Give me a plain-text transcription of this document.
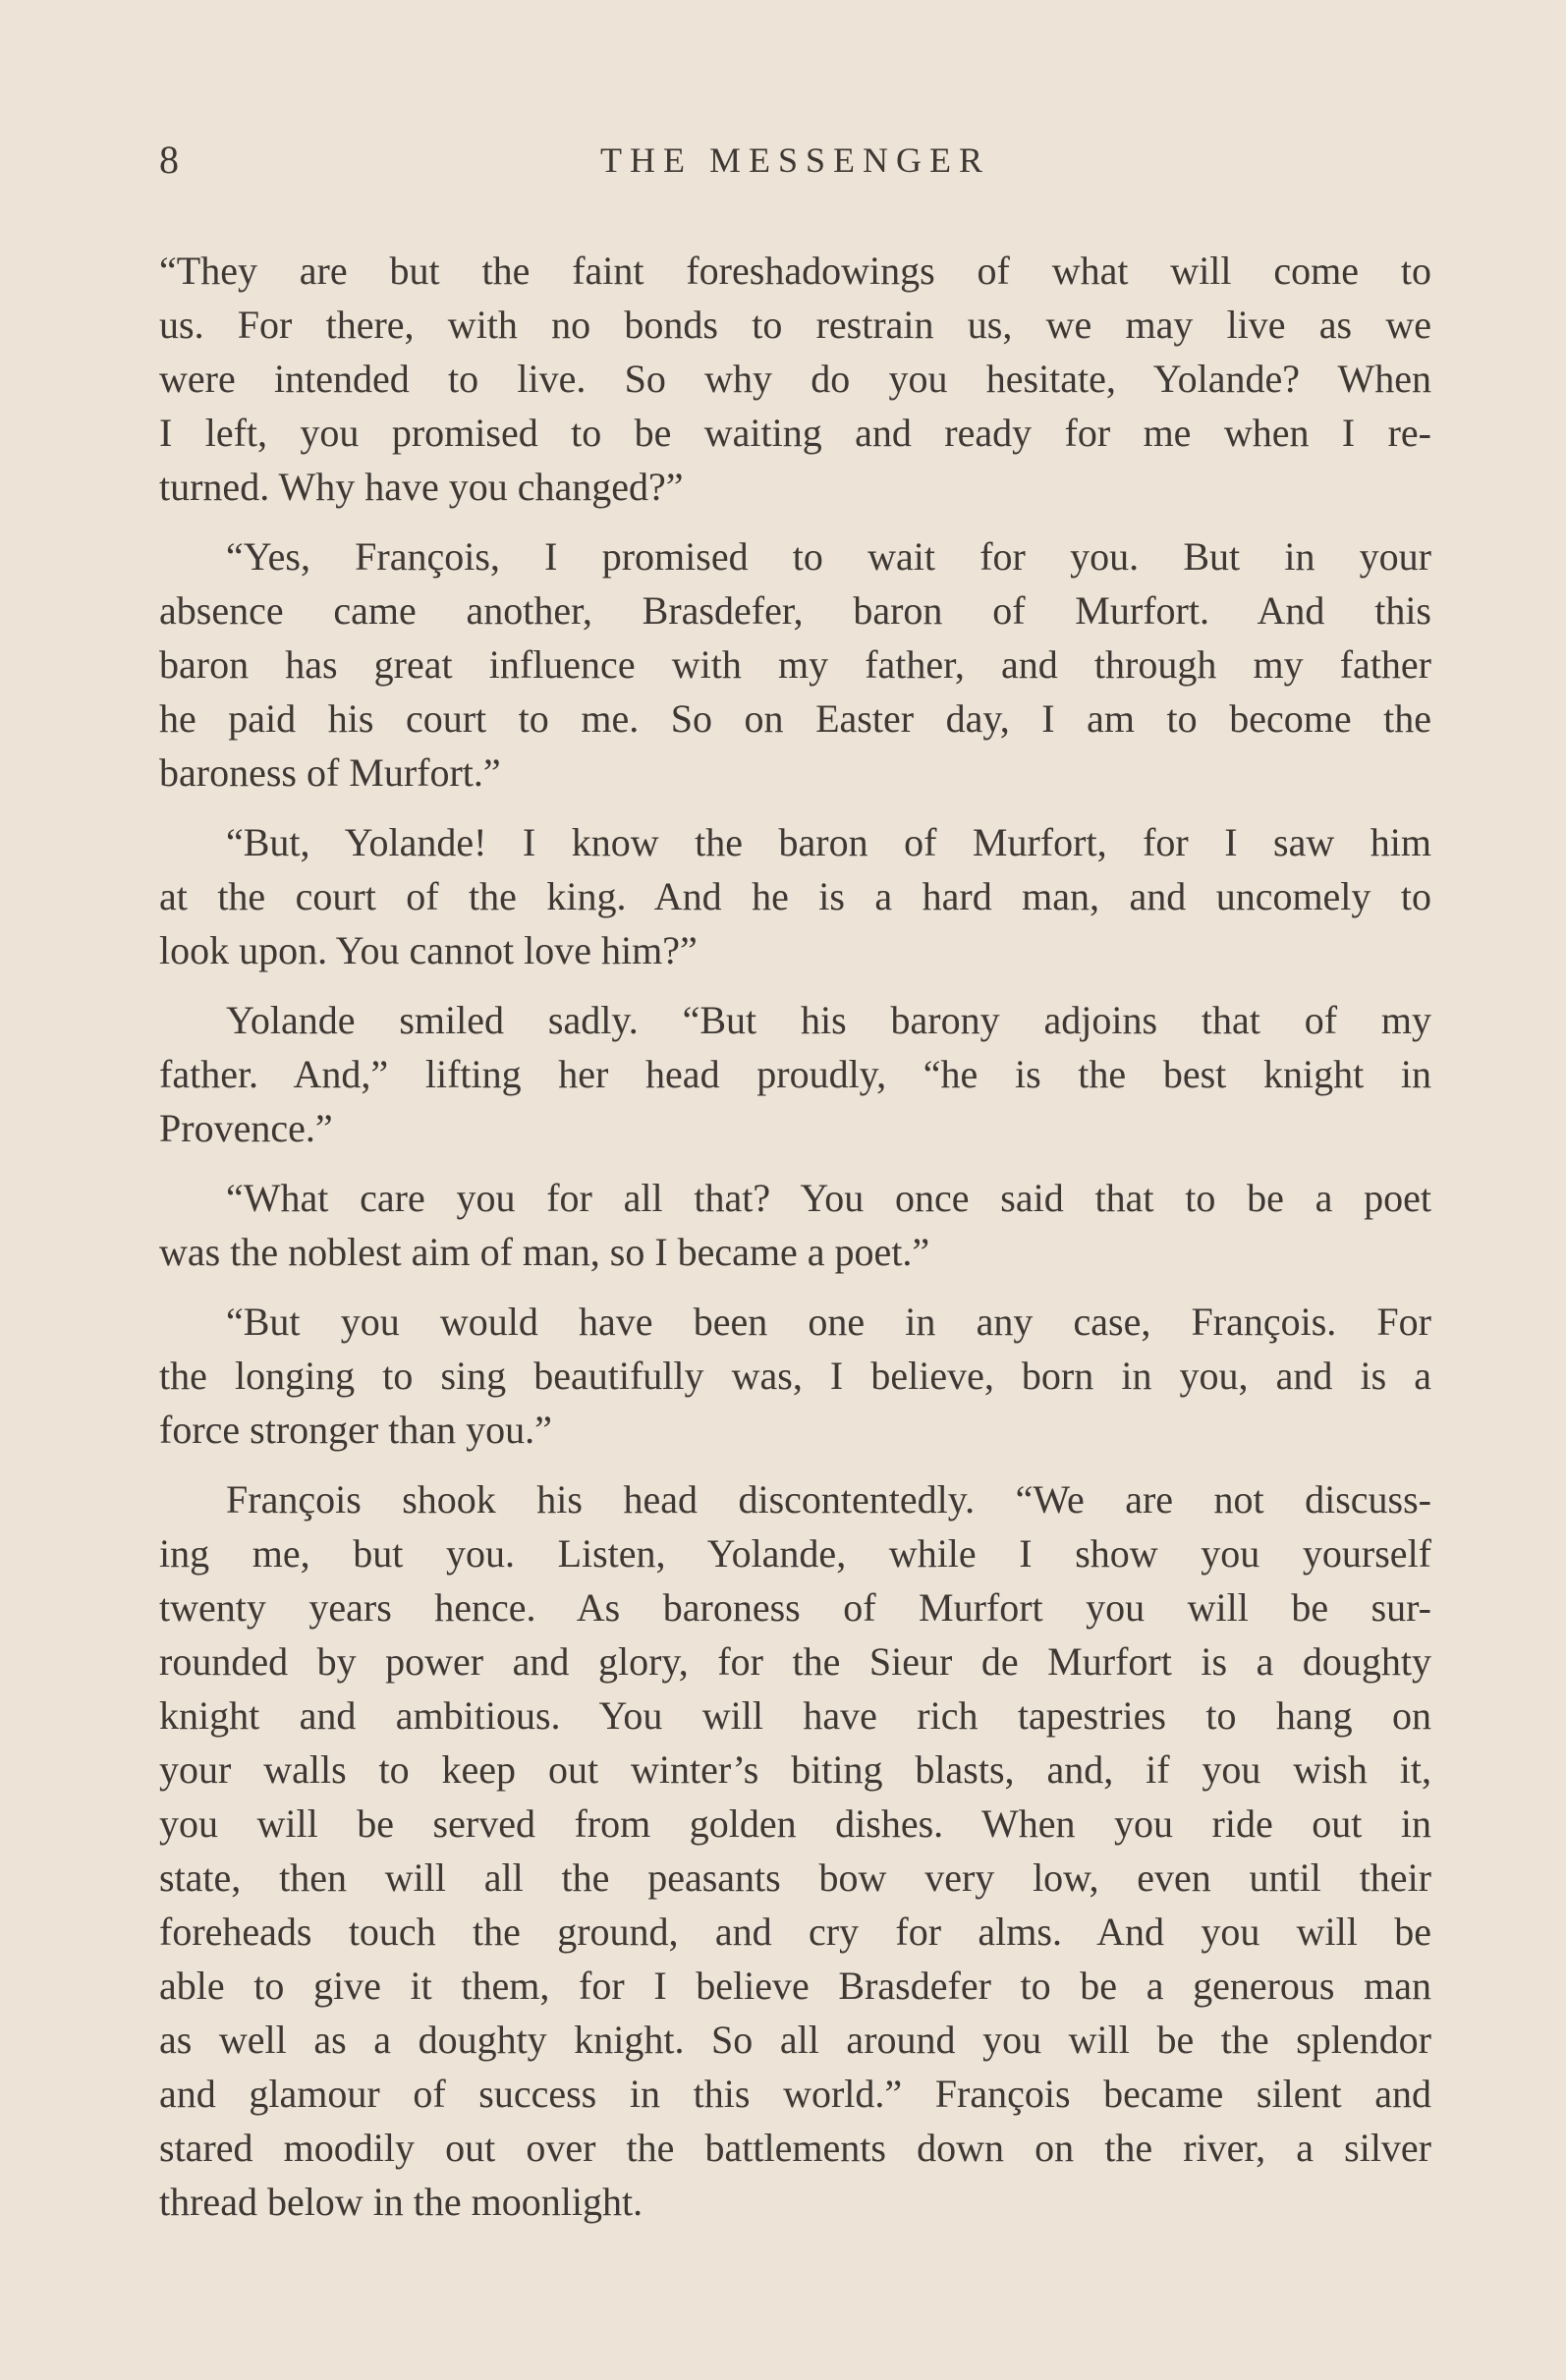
8	THE MESSENGER
“They are but the faint foreshadowings of what will come to
us. For there, with no bonds to restrain us, we may live as we
were intended to live. So why do you hesitate, Yolande? When
I left, you promised to be waiting and ready for me when I re-
turned. Why have you changed?”
“Yes, François, I promised to wait for you. But in your
absence came another, Brasdefer, baron of Murfort. And this
baron has great influence with my father, and through my father
he paid his court to me. So on Easter day, I am to become the
baroness of Murfort.”
“But, Yolande! I know the baron of Murfort, for I saw him
at the court of the king. And he is a hard man, and uncomely to
look upon. You cannot love him?”
Yolande smiled sadly. “But his barony adjoins that of my
father. And,” lifting her head proudly, “he is the best knight in
Provence.”
“What care you for all that? You once said that to be a poet
was the noblest aim of man, so I became a poet.”
“But you would have been one in any case, François. For
the longing to sing beautifully was, I believe, born in you, and is a
force stronger than you.”
François shook his head discontentedly. “We are not discuss-
ing me, but you. Listen, Yolande, while I show you yourself
twenty years hence. As baroness of Murfort you will be sur-
rounded by power and glory, for the Sieur de Murfort is a doughty
knight and ambitious. You will have rich tapestries to hang on
your walls to keep out winter’s biting blasts, and, if you wish it,
you will be served from golden dishes. When you ride out in
state, then will all the peasants bow very low, even until their
foreheads touch the ground, and cry for alms. And you will be
able to give it them, for I believe Brasdefer to be a generous man
as well as a doughty knight. So all around you will be the splendor
and glamour of success in this world.” François became silent and
stared moodily out over the battlements down on the river, a silver
thread below in the moonlight.
